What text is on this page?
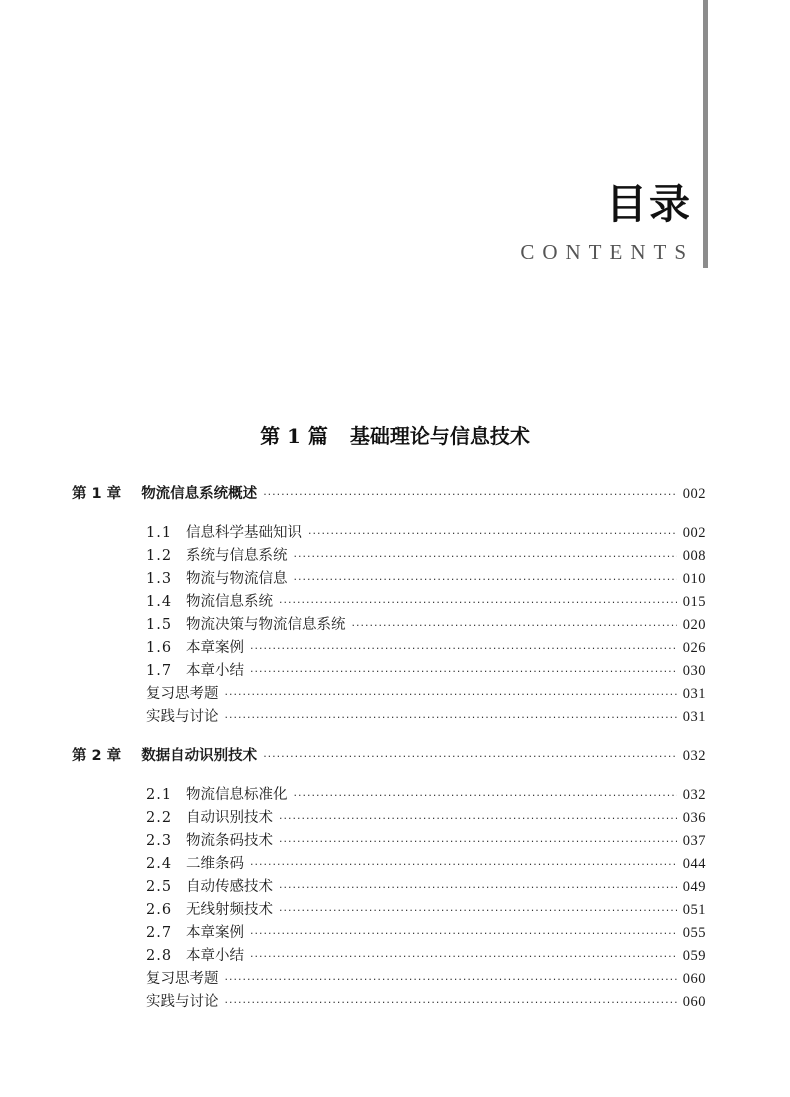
目录
CONTENTS
第 1 篇 基础理论与信息技术
第 1 章 物流信息系统概述 ·····	002
1.1 信息科学基础知识 ·····	002
1.2 系统与信息系统 ·····	008
1.3 物流与物流信息 ·····	010
1.4 物流信息系统 ·····	015
1.5 物流决策与物流信息系统 ·····	020
1.6 本章案例 ·····	026
1.7 本章小结 ·····	030
复习思考题 ·····	031
实践与讨论 ·····	031
第 2 章 数据自动识别技术 ·····	032
2.1 物流信息标准化 ·····	032
2.2 自动识别技术 ·····	036
2.3 物流条码技术 ·····	037
2.4 二维条码 ·····	044
2.5 自动传感技术 ·····	049
2.6 无线射频技术 ·····	051
2.7 本章案例 ·····	055
2.8 本章小结 ·····	059
复习思考题 ·····	060
实践与讨论 ·····	060
